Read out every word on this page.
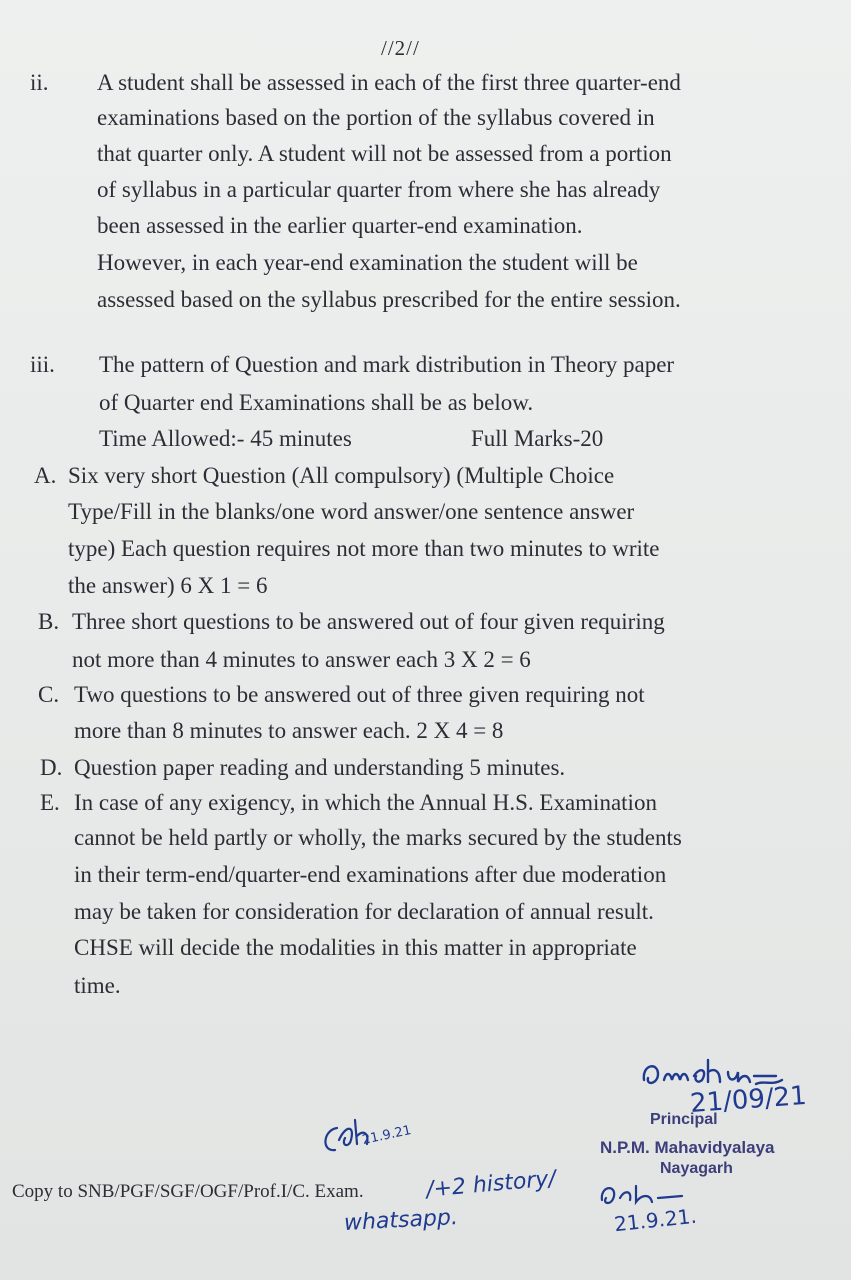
//2//
ii. A student shall be assessed in each of the first three quarter-end
examinations based on the portion of the syllabus covered in
that quarter only. A student will not be assessed from a portion
of syllabus in a particular quarter from where she has already
been assessed in the earlier quarter-end examination.
However, in each year-end examination the student will be
assessed based on the syllabus prescribed for the entire session.
iii. The pattern of Question and mark distribution in Theory paper
of Quarter end Examinations shall be as below.
Time Allowed:- 45 minutes	Full Marks-20
A. Six very short Question (All compulsory) (Multiple Choice
Type/Fill in the blanks/one word answer/one sentence answer
type) Each question requires not more than two minutes to write
the answer) 6 X 1 = 6
B. Three short questions to be answered out of four given requiring
not more than 4 minutes to answer each 3 X 2 = 6
C. Two questions to be answered out of three given requiring not
more than 8 minutes to answer each. 2 X 4 = 8
D. Question paper reading and understanding 5 minutes.
E. In case of any exigency, in which the Annual H.S. Examination
cannot be held partly or wholly, the marks secured by the students
in their term-end/quarter-end examinations after due moderation
may be taken for consideration for declaration of annual result.
CHSE will decide the modalities in this matter in appropriate
time.
21/09/21
Principal
N.P.M. Mahavidyalaya
Nayagarh
21.9.21
Copy to SNB/PGF/SGF/OGF/Prof.I/C. Exam.	/+2 history/
21.9.21.
whatsapp.
